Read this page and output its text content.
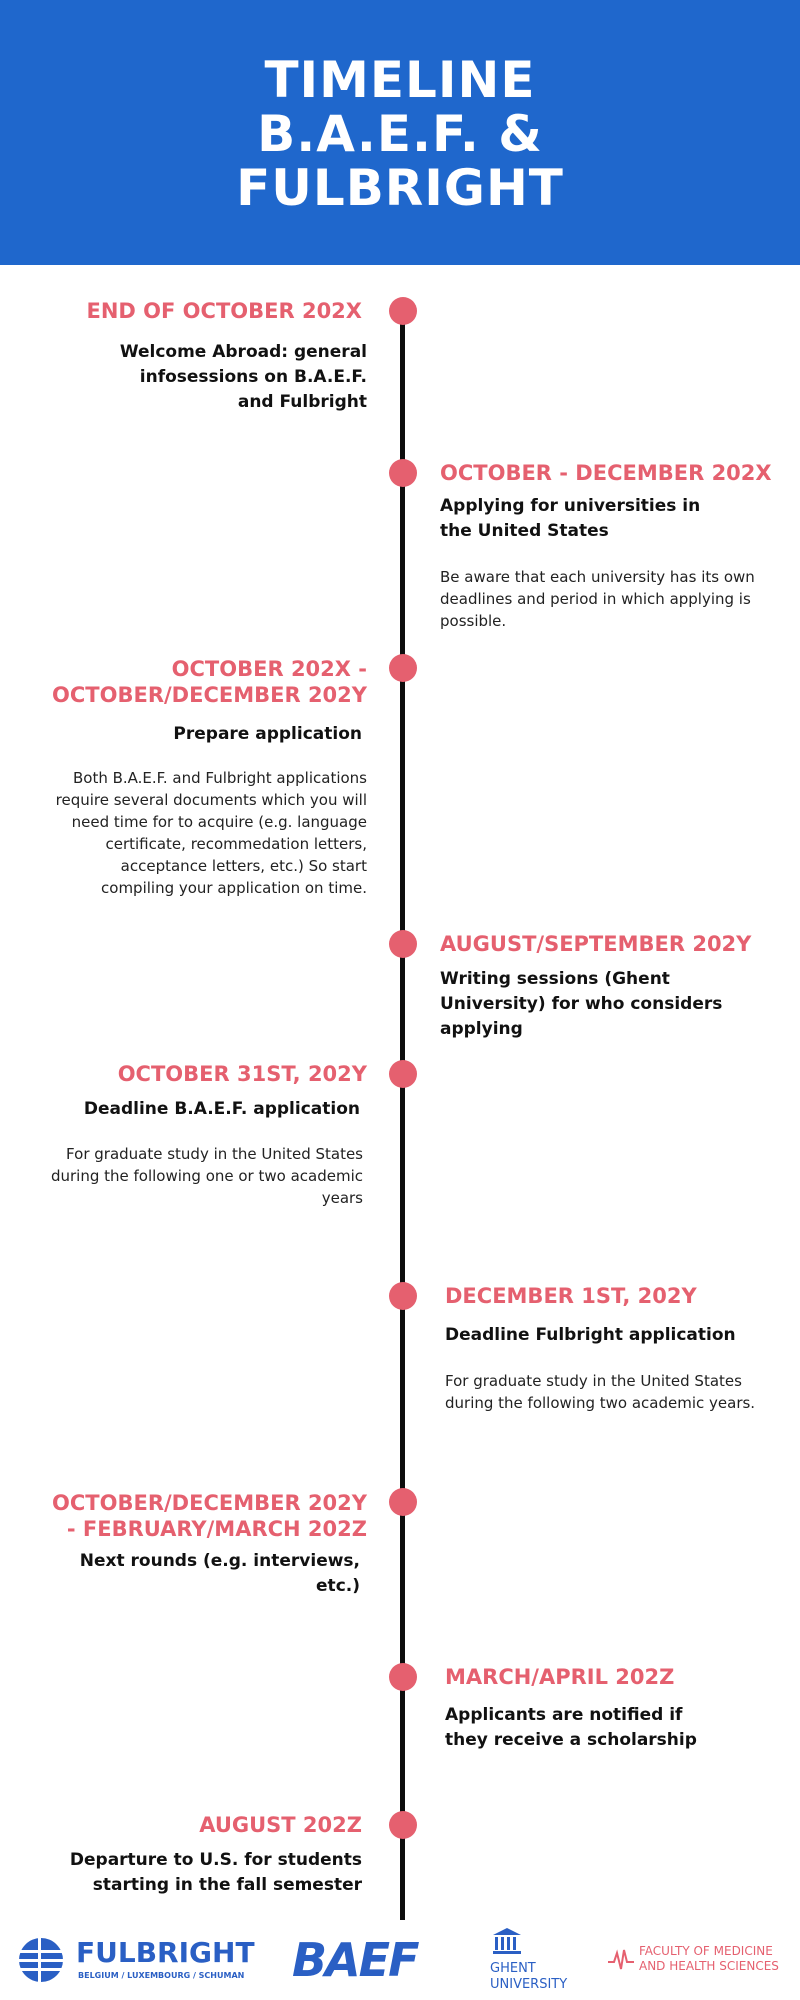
TIMELINE
B.A.E.F. &
FULBRIGHT
END OF OCTOBER 202X
Welcome Abroad: general infosessions on B.A.E.F. and Fulbright
OCTOBER - DECEMBER 202X
Applying for universities in the United States
Be aware that each university has its own deadlines and period in which applying is possible.
OCTOBER 202X -
OCTOBER/DECEMBER 202Y
Prepare application
Both B.A.E.F. and Fulbright applications require several documents which you will need time for to acquire (e.g. language certificate, recommedation letters, acceptance letters, etc.) So start compiling your application on time.
AUGUST/SEPTEMBER 202Y
Writing sessions (Ghent University) for who considers applying
OCTOBER 31ST, 202Y
Deadline B.A.E.F. application
For graduate study in the United States during the following one or two academic years
DECEMBER 1ST, 202Y
Deadline Fulbright application
For graduate study in the United States during the following two academic years.
OCTOBER/DECEMBER 202Y
- FEBRUARY/MARCH 202Z
Next rounds (e.g. interviews, etc.)
MARCH/APRIL 202Z
Applicants are notified if they receive a scholarship
AUGUST 202Z
Departure to U.S. for students starting in the fall semester
FULBRIGHT
BELGIUM / LUXEMBOURG / SCHUMAN BAEF	GHENT
UNIVERSITY
FACULTY OF MEDICINE
AND HEALTH SCIENCES
